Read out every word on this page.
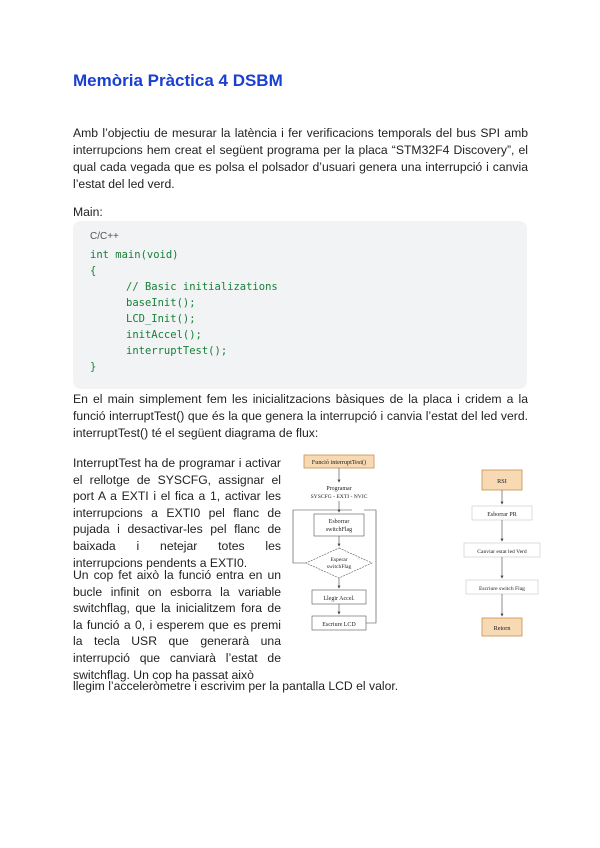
Memòria Pràctica 4 DSBM

Amb l’objectiu de mesurar la latència i fer verificacions temporals del bus SPI amb interrupcions hem creat el següent programa per la placa “STM32F4 Discovery”, el qual cada vegada que es polsa el polsador d’usuari genera una interrupció i canvia l’estat del led verd.

Main:

C/C++
int main(void)
{
// Basic initializations
baseInit();
LCD_Init();
initAccel();
interruptTest();
}

En el main simplement fem les inicialitzacions bàsiques de la placa i cridem a la funció interruptTest() que és la que genera la interrupció i canvia l’estat del led verd. interruptTest() té el següent diagrama de flux:

InterruptTest ha de programar i activar el rellotge de SYSCFG, assignar el port A a EXTI i el fica a 1, activar les interrupcions a EXTI0 pel flanc de pujada i desactivar-les pel flanc de baixada i netejar totes les interrupcions pendents a EXTI0.

Un cop fet això la funció entra en un bucle infinit on esborra la variable switchflag, que la inicialitzem fora de la funció a 0, i esperem que es premi la tecla USR que generarà una interrupció que canviarà l’estat de switchflag. Un cop ha passat això

llegim l’acceleròmetre i escrivim per la pantalla LCD el valor.

Funció interruptTest()
Programar
SYSCFG - EXTI - NVIC
Esborrar
switchFlag
Esperar
switchFlag
Llegir Accel.
Escriure LCD
RSI
Esborrar PR
Canviar estat led Verd
Escriure switch Flag
Retorn
